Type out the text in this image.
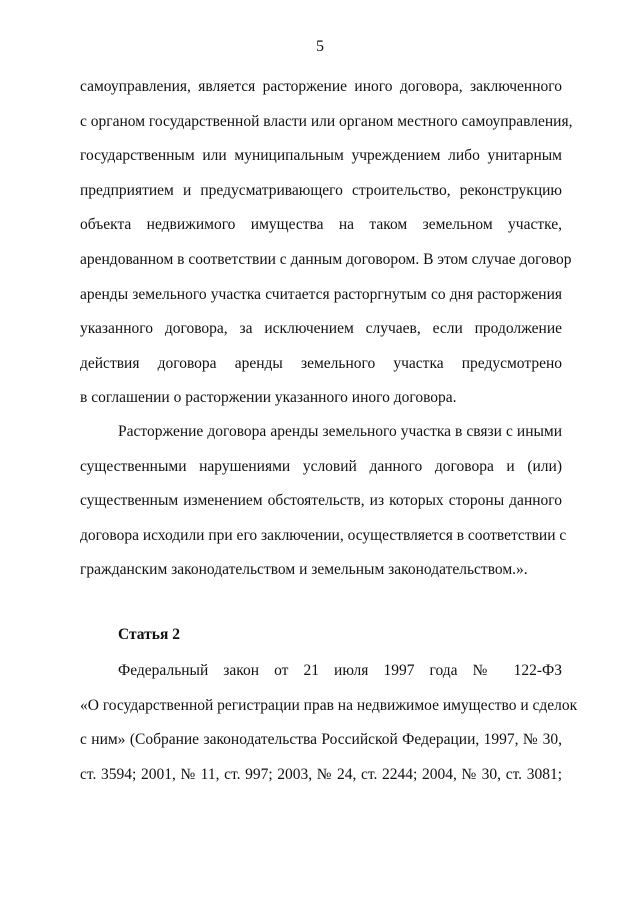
5
самоуправления, является расторжение иного договора, заключенного
с органом государственной власти или органом местного самоуправления,
государственным или муниципальным учреждением либо унитарным
предприятием и предусматривающего строительство, реконструкцию
объекта недвижимого имущества на таком земельном участке,
арендованном в соответствии с данным договором. В этом случае договор
аренды земельного участка считается расторгнутым со дня расторжения
указанного договора, за исключением случаев, если продолжение
действия договора аренды земельного участка предусмотрено
в соглашении о расторжении указанного иного договора.
Расторжение договора аренды земельного участка в связи с иными
существенными нарушениями условий данного договора и (или)
существенным изменением обстоятельств, из которых стороны данного
договора исходили при его заключении, осуществляется в соответствии с
гражданским законодательством и земельным законодательством.».
Статья 2
Федеральный закон от 21 июля 1997 года № 122-ФЗ
«О государственной регистрации прав на недвижимое имущество и сделок
с ним» (Собрание законодательства Российской Федерации, 1997, № 30,
ст. 3594; 2001, № 11, ст. 997; 2003, № 24, ст. 2244; 2004, № 30, ст. 3081;
